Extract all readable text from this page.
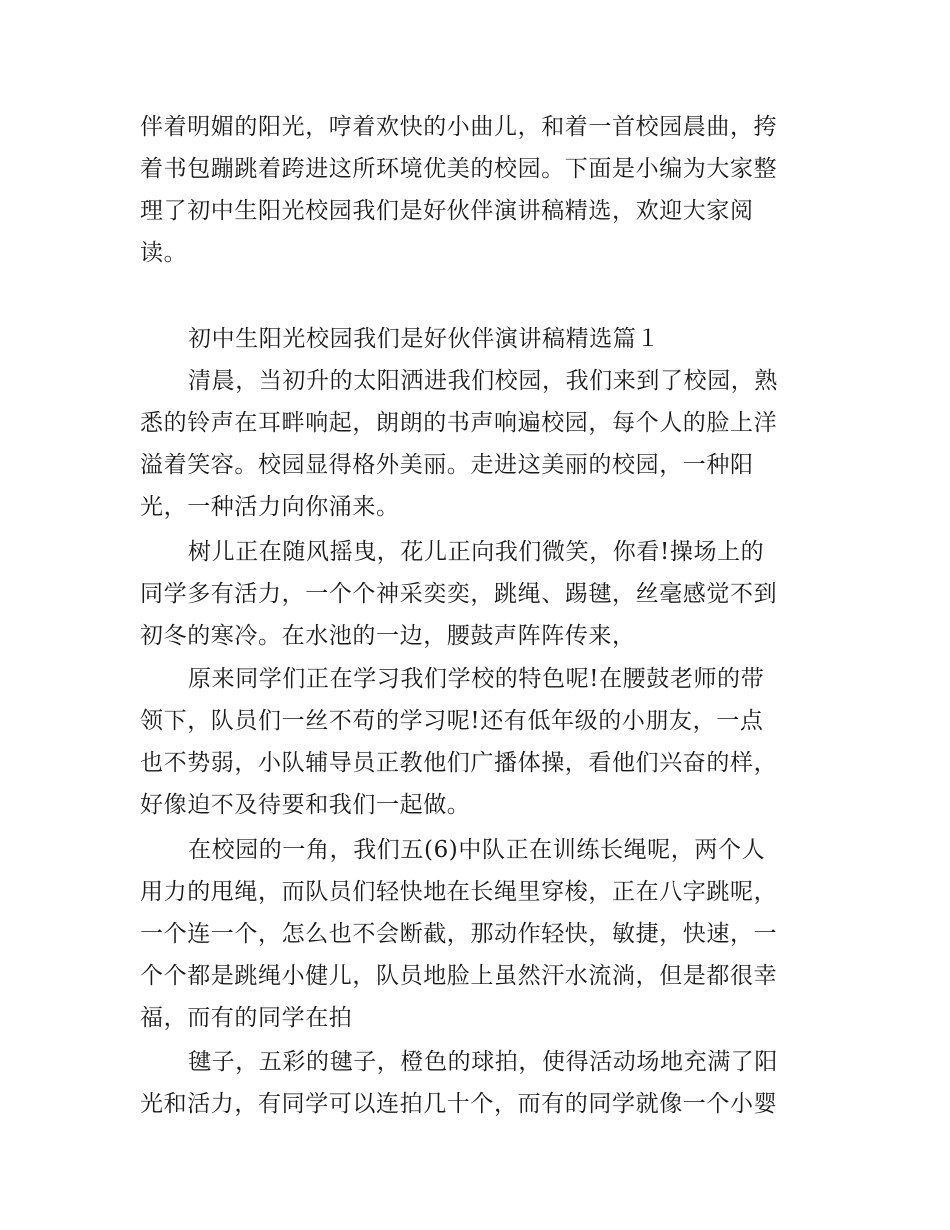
伴着明媚的阳光，哼着欢快的小曲儿，和着一首校园晨曲，挎

着书包蹦跳着跨进这所环境优美的校园。下面是小编为大家整

理了初中生阳光校园我们是好伙伴演讲稿精选，欢迎大家阅

读。

初中生阳光校园我们是好伙伴演讲稿精选篇１

清晨，当初升的太阳洒进我们校园，我们来到了校园，熟

悉的铃声在耳畔响起，朗朗的书声响遍校园，每个人的脸上洋

溢着笑容。校园显得格外美丽。走进这美丽的校园，一种阳

光，一种活力向你涌来。

树儿正在随风摇曳，花儿正向我们微笑，你看!操场上的

同学多有活力，一个个神采奕奕，跳绳、踢毽，丝毫感觉不到

初冬的寒冷。在水池的一边，腰鼓声阵阵传来，

原来同学们正在学习我们学校的特色呢!在腰鼓老师的带

领下，队员们一丝不苟的学习呢!还有低年级的小朋友，一点

也不势弱，小队辅导员正教他们广播体操，看他们兴奋的样，

好像迫不及待要和我们一起做。

在校园的一角，我们五(6)中队正在训练长绳呢，两个人

用力的甩绳，而队员们轻快地在长绳里穿梭，正在八字跳呢，

一个连一个，怎么也不会断截，那动作轻快，敏捷，快速，一

个个都是跳绳小健儿，队员地脸上虽然汗水流淌，但是都很幸

福，而有的同学在拍

毽子，五彩的毽子，橙色的球拍，使得活动场地充满了阳

光和活力，有同学可以连拍几十个，而有的同学就像一个小婴
